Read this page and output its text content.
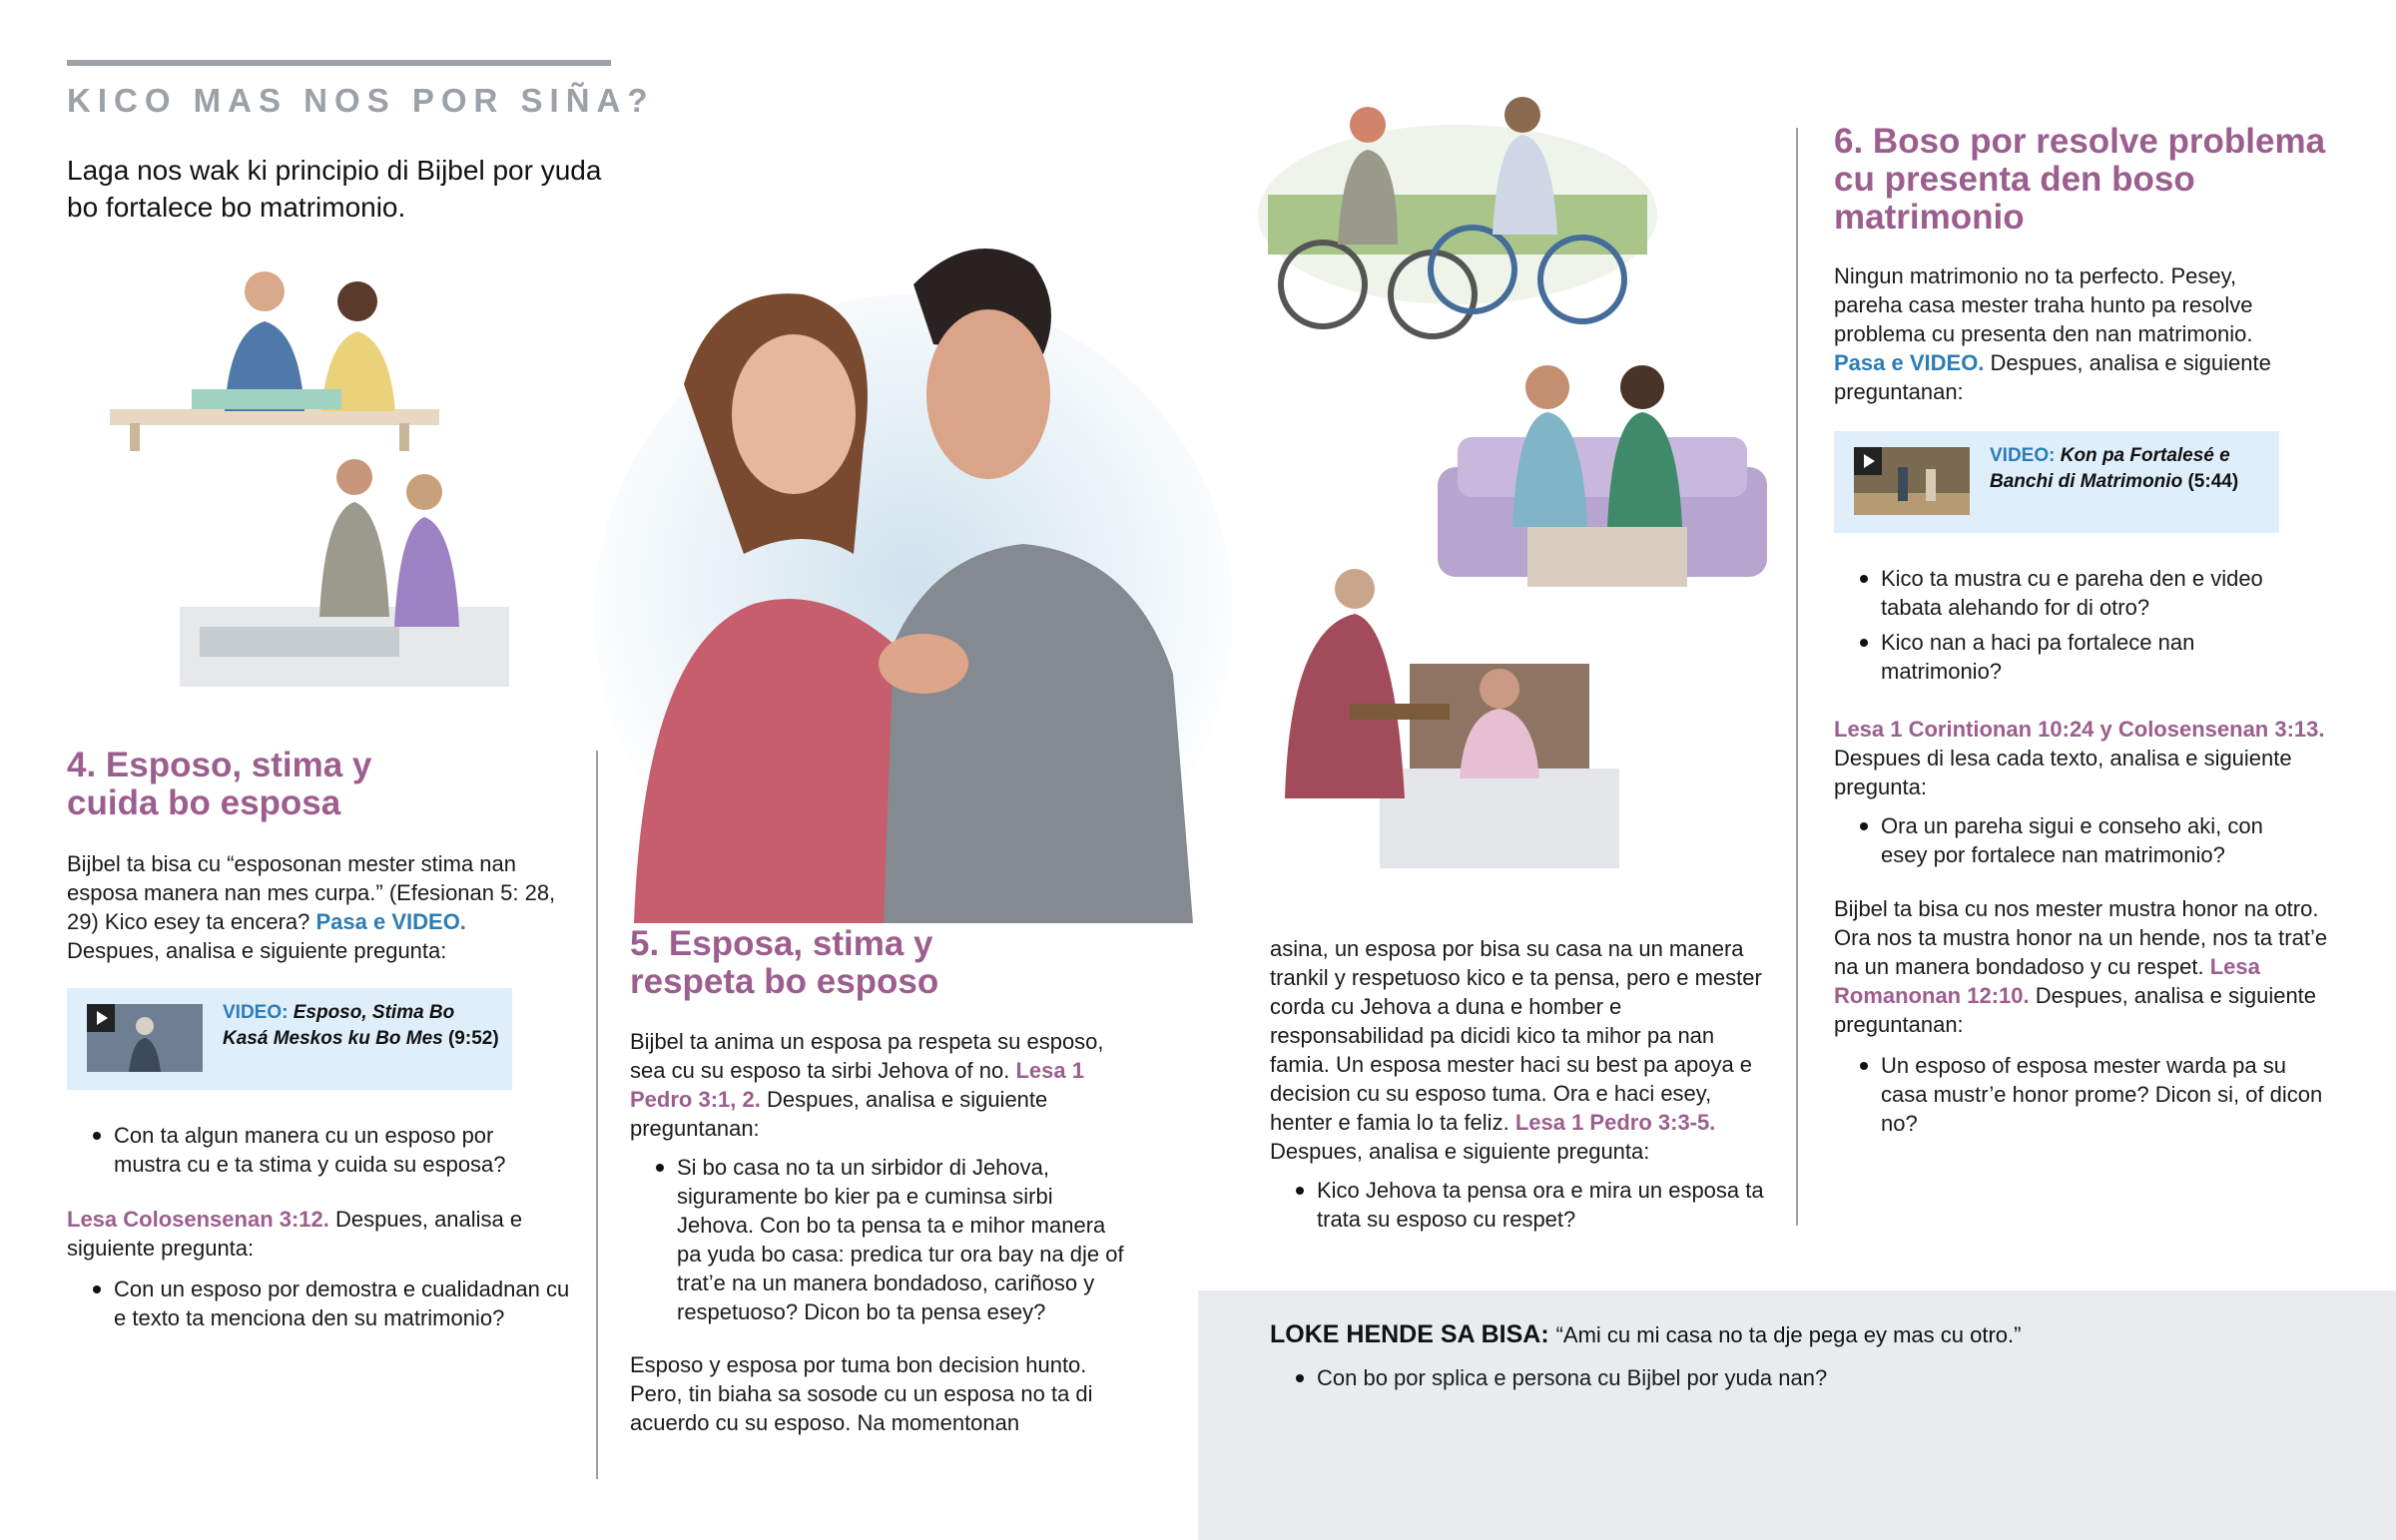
KICO MAS NOS POR SIÑA?
Laga nos wak ki principio di Bijbel por yuda bo fortalece bo matrimonio.
4. Esposo, stima y
cuida bo esposa
Bijbel ta bisa cu “esposonan mester stima nan esposa manera nan mes curpa.” (Efesionan 5: 28, 29) Kico esey ta encera? Pasa e VIDEO. Despues, analisa e siguiente pregunta:
VIDEO: Esposo, Stima Bo Kasá Meskos ku Bo Mes (9:52)
Con ta algun manera cu un esposo por mustra cu e ta stima y cuida su esposa?
Lesa Colosensenan 3:12. Despues, analisa e siguiente pregunta:
Con un esposo por demostra e cualidadnan cu e texto ta menciona den su matrimonio?
5. Esposa, stima y
respeta bo esposo
Bijbel ta anima un esposa pa respeta su esposo, sea cu su esposo ta sirbi Jehova of no. Lesa 1 Pedro 3:1, 2. Despues, analisa e siguiente preguntanan:
Si bo casa no ta un sirbidor di Jehova, siguramente bo kier pa e cuminsa sirbi Jehova. Con bo ta pensa ta e mihor manera pa yuda bo casa: predica tur ora bay na dje of trat’e na un manera bondadoso, cariñoso y respetuoso? Dicon bo ta pensa esey?
Esposo y esposa por tuma bon decision hunto. Pero, tin biaha sa sosode cu un esposa no ta di acuerdo cu su esposo. Na momentonan
asina, un esposa por bisa su casa na un manera trankil y respetuoso kico e ta pensa, pero e mester corda cu Jehova a duna e homber e responsabilidad pa dicidi kico ta mihor pa nan famia. Un esposa mester haci su best pa apoya e decision cu su esposo tuma. Ora e haci esey, henter e famia lo ta feliz. Lesa 1 Pedro 3:3-5. Despues, analisa e siguiente pregunta:
Kico Jehova ta pensa ora e mira un esposa ta trata su esposo cu respet?
6. Boso por resolve problema
cu presenta den boso
matrimonio
Ningun matrimonio no ta perfecto. Pesey, pareha casa mester traha hunto pa resolve problema cu presenta den nan matrimonio. Pasa e VIDEO. Despues, analisa e siguiente preguntanan:
VIDEO: Kon pa Fortalesé e Banchi di Matrimonio (5:44)
Kico ta mustra cu e pareha den e video tabata alehando for di otro?
Kico nan a haci pa fortalece nan matrimonio?
Lesa 1 Corintionan 10:24 y Colosensenan 3:13. Despues di lesa cada texto, analisa e siguiente pregunta:
Ora un pareha sigui e conseho aki, con esey por fortalece nan matrimonio?
Bijbel ta bisa cu nos mester mustra honor na otro. Ora nos ta mustra honor na un hende, nos ta trat’e na un manera bondadoso y cu respet. Lesa Romanonan 12:10. Despues, analisa e siguiente preguntanan:
Un esposo of esposa mester warda pa su casa mustr’e honor prome? Dicon si, of dicon no?
LOKE HENDE SA BISA: “Ami cu mi casa no ta dje pega ey mas cu otro.”
Con bo por splica e persona cu Bijbel por yuda nan?
